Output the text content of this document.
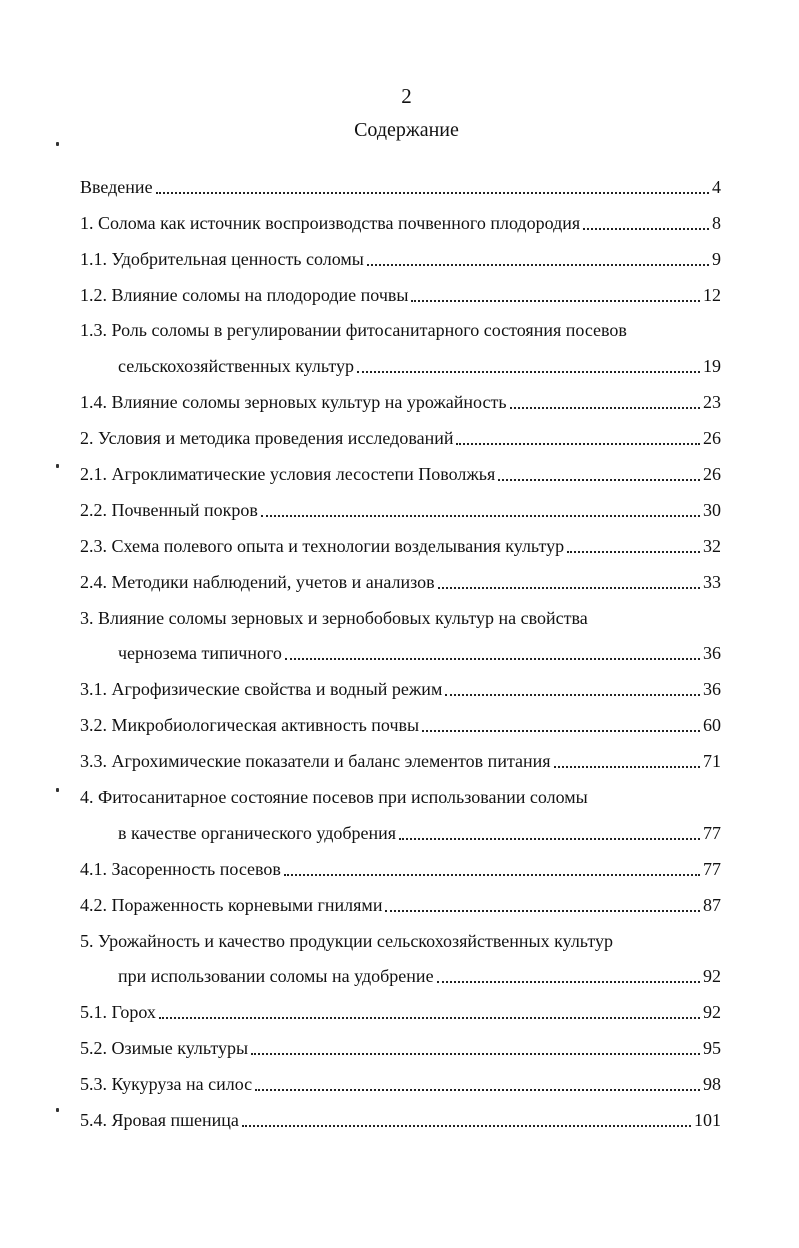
2
Содержание
Введение	4
1. Солома как источник воспроизводства почвенного плодородия	8
1.1. Удобрительная ценность соломы	9
1.2. Влияние соломы на плодородие почвы	12
1.3. Роль соломы в регулировании фитосанитарного состояния посевов
сельскохозяйственных культур	19
1.4. Влияние соломы зерновых культур на урожайность	23
2. Условия и методика проведения исследований	26
2.1. Агроклиматические условия лесостепи Поволжья	26
2.2. Почвенный покров	30
2.3. Схема полевого опыта и технологии возделывания культур	32
2.4. Методики наблюдений, учетов и анализов	33
3. Влияние соломы зерновых и зернобобовых культур на свойства
чернозема типичного	36
3.1. Агрофизические свойства и водный режим	36
3.2. Микробиологическая активность почвы	60
3.3. Агрохимические показатели и баланс элементов питания	71
4. Фитосанитарное состояние посевов при использовании соломы
в качестве органического удобрения	77
4.1. Засоренность посевов	77
4.2. Пораженность корневыми гнилями	87
5. Урожайность и качество продукции сельскохозяйственных культур
при использовании соломы на удобрение	92
5.1. Горох	92
5.2. Озимые культуры	95
5.3. Кукуруза на силос	98
5.4. Яровая пшеница	101
